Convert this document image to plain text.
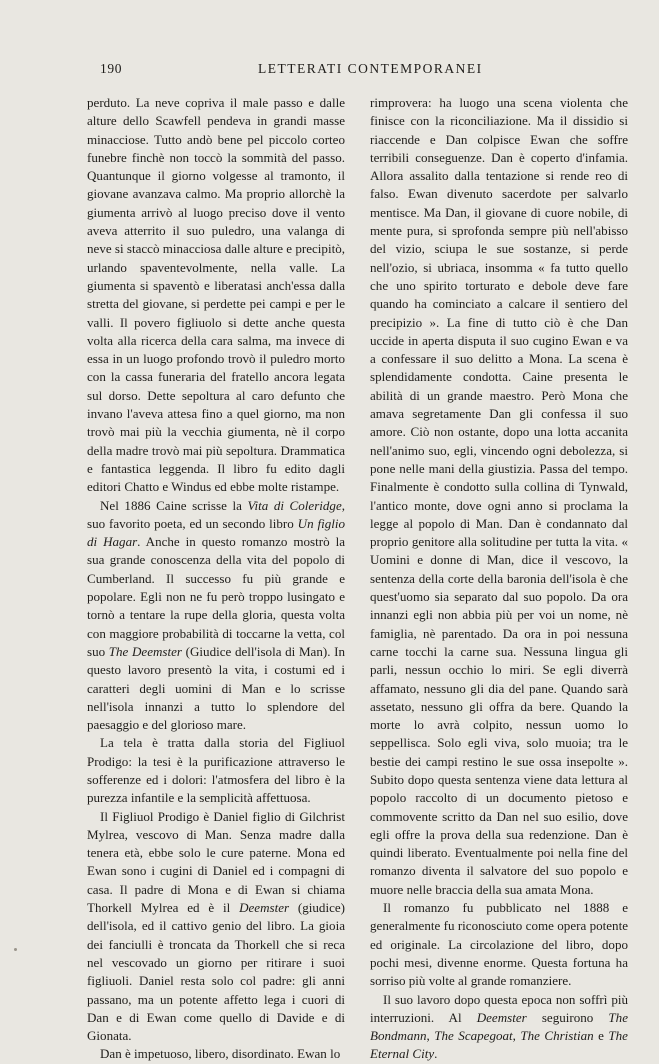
190	LETTERATI CONTEMPORANEI

perduto. La neve copriva il male passo e dalle alture dello Scawfell pendeva in grandi masse minacciose. Tutto andò bene pel piccolo corteo funebre finchè non toccò la sommità del passo. Quantunque il giorno volgesse al tramonto, il giovane avanzava calmo. Ma proprio allorchè la giumenta arrivò al luogo preciso dove il vento aveva atterrito il suo puledro, una valanga di neve si staccò minacciosa dalle alture e precipitò, urlando spaventevolmente, nella valle. La giumenta si spaventò e liberatasi anch'essa dalla stretta del giovane, si perdette pei campi e per le valli. Il povero figliuolo si dette anche questa volta alla ricerca della cara salma, ma invece di essa in un luogo profondo trovò il puledro morto con la cassa funeraria del fratello ancora legata sul dorso. Dette sepoltura al caro defunto che invano l'aveva attesa fino a quel giorno, ma non trovò mai più la vecchia giumenta, nè il corpo della madre trovò mai più sepoltura. Drammatica e fantastica leggenda. Il libro fu edito dagli editori Chatto e Windus ed ebbe molte ristampe.

Nel 1886 Caine scrisse la Vita di Coleridge, suo favorito poeta, ed un secondo libro Un figlio di Hagar. Anche in questo romanzo mostrò la sua grande conoscenza della vita del popolo di Cumberland. Il successo fu più grande e popolare. Egli non ne fu però troppo lusingato e tornò a tentare la rupe della gloria, questa volta con maggiore probabilità di toccarne la vetta, col suo The Deemster (Giudice dell'isola di Man). In questo lavoro presentò la vita, i costumi ed i caratteri degli uomini di Man e lo scrisse nell'isola innanzi a tutto lo splendore del paesaggio e del glorioso mare.

La tela è tratta dalla storia del Figliuol Prodigo: la tesi è la purificazione attraverso le sofferenze ed i dolori: l'atmosfera del libro è la purezza infantile e la semplicità affettuosa.

Il Figliuol Prodigo è Daniel figlio di Gilchrist Mylrea, vescovo di Man. Senza madre dalla tenera età, ebbe solo le cure paterne. Mona ed Ewan sono i cugini di Daniel ed i compagni di casa. Il padre di Mona e di Ewan si chiama Thorkell Mylrea ed è il Deemster (giudice) dell'isola, ed il cattivo genio del libro. La gioia dei fanciulli è troncata da Thorkell che si reca nel vescovado un giorno per ritirare i suoi figliuoli. Daniel resta solo col padre: gli anni passano, ma un potente affetto lega i cuori di Dan e di Ewan come quello di Davide e di Gionata.

Dan è impetuoso, libero, disordinato. Ewan lo

rimprovera: ha luogo una scena violenta che finisce con la riconciliazione. Ma il dissidio si riaccende e Dan colpisce Ewan che soffre terribili conseguenze. Dan è coperto d'infamia. Allora assalito dalla tentazione si rende reo di falso. Ewan divenuto sacerdote per salvarlo mentisce. Ma Dan, il giovane di cuore nobile, di mente pura, si sprofonda sempre più nell'abisso del vizio, sciupa le sue sostanze, si perde nell'ozio, si ubriaca, insomma « fa tutto quello che uno spirito torturato e debole deve fare quando ha cominciato a calcare il sentiero del precipizio ». La fine di tutto ciò è che Dan uccide in aperta disputa il suo cugino Ewan e va a confessare il suo delitto a Mona. La scena è splendidamente condotta. Caine presenta le abilità di un grande maestro. Però Mona che amava segretamente Dan gli confessa il suo amore. Ciò non ostante, dopo una lotta accanita nell'animo suo, egli, vincendo ogni debolezza, si pone nelle mani della giustizia. Passa del tempo. Finalmente è condotto sulla collina di Tynwald, l'antico monte, dove ogni anno si proclama la legge al popolo di Man. Dan è condannato dal proprio genitore alla solitudine per tutta la vita. « Uomini e donne di Man, dice il vescovo, la sentenza della corte della baronia dell'isola è che quest'uomo sia separato dal suo popolo. Da ora innanzi egli non abbia più per voi un nome, nè famiglia, nè parentado. Da ora in poi nessuna carne tocchi la carne sua. Nessuna lingua gli parli, nessun occhio lo miri. Se egli diverrà affamato, nessuno gli dia del pane. Quando sarà assetato, nessuno gli offra da bere. Quando la morte lo avrà colpito, nessun uomo lo seppellisca. Solo egli viva, solo muoia; tra le bestie dei campi restino le sue ossa insepolte ». Subito dopo questa sentenza viene data lettura al popolo raccolto di un documento pietoso e commovente scritto da Dan nel suo esilio, dove egli offre la prova della sua redenzione. Dan è quindi liberato. Eventualmente poi nella fine del romanzo diventa il salvatore del suo popolo e muore nelle braccia della sua amata Mona.

Il romanzo fu pubblicato nel 1888 e generalmente fu riconosciuto come opera potente ed originale. La circolazione del libro, dopo pochi mesi, divenne enorme. Questa fortuna ha sorriso più volte al grande romanziere.

Il suo lavoro dopo questa epoca non soffrì più interruzioni. Al Deemster seguirono The Bondmann, The Scapegoat, The Christian e The Eternal City.
